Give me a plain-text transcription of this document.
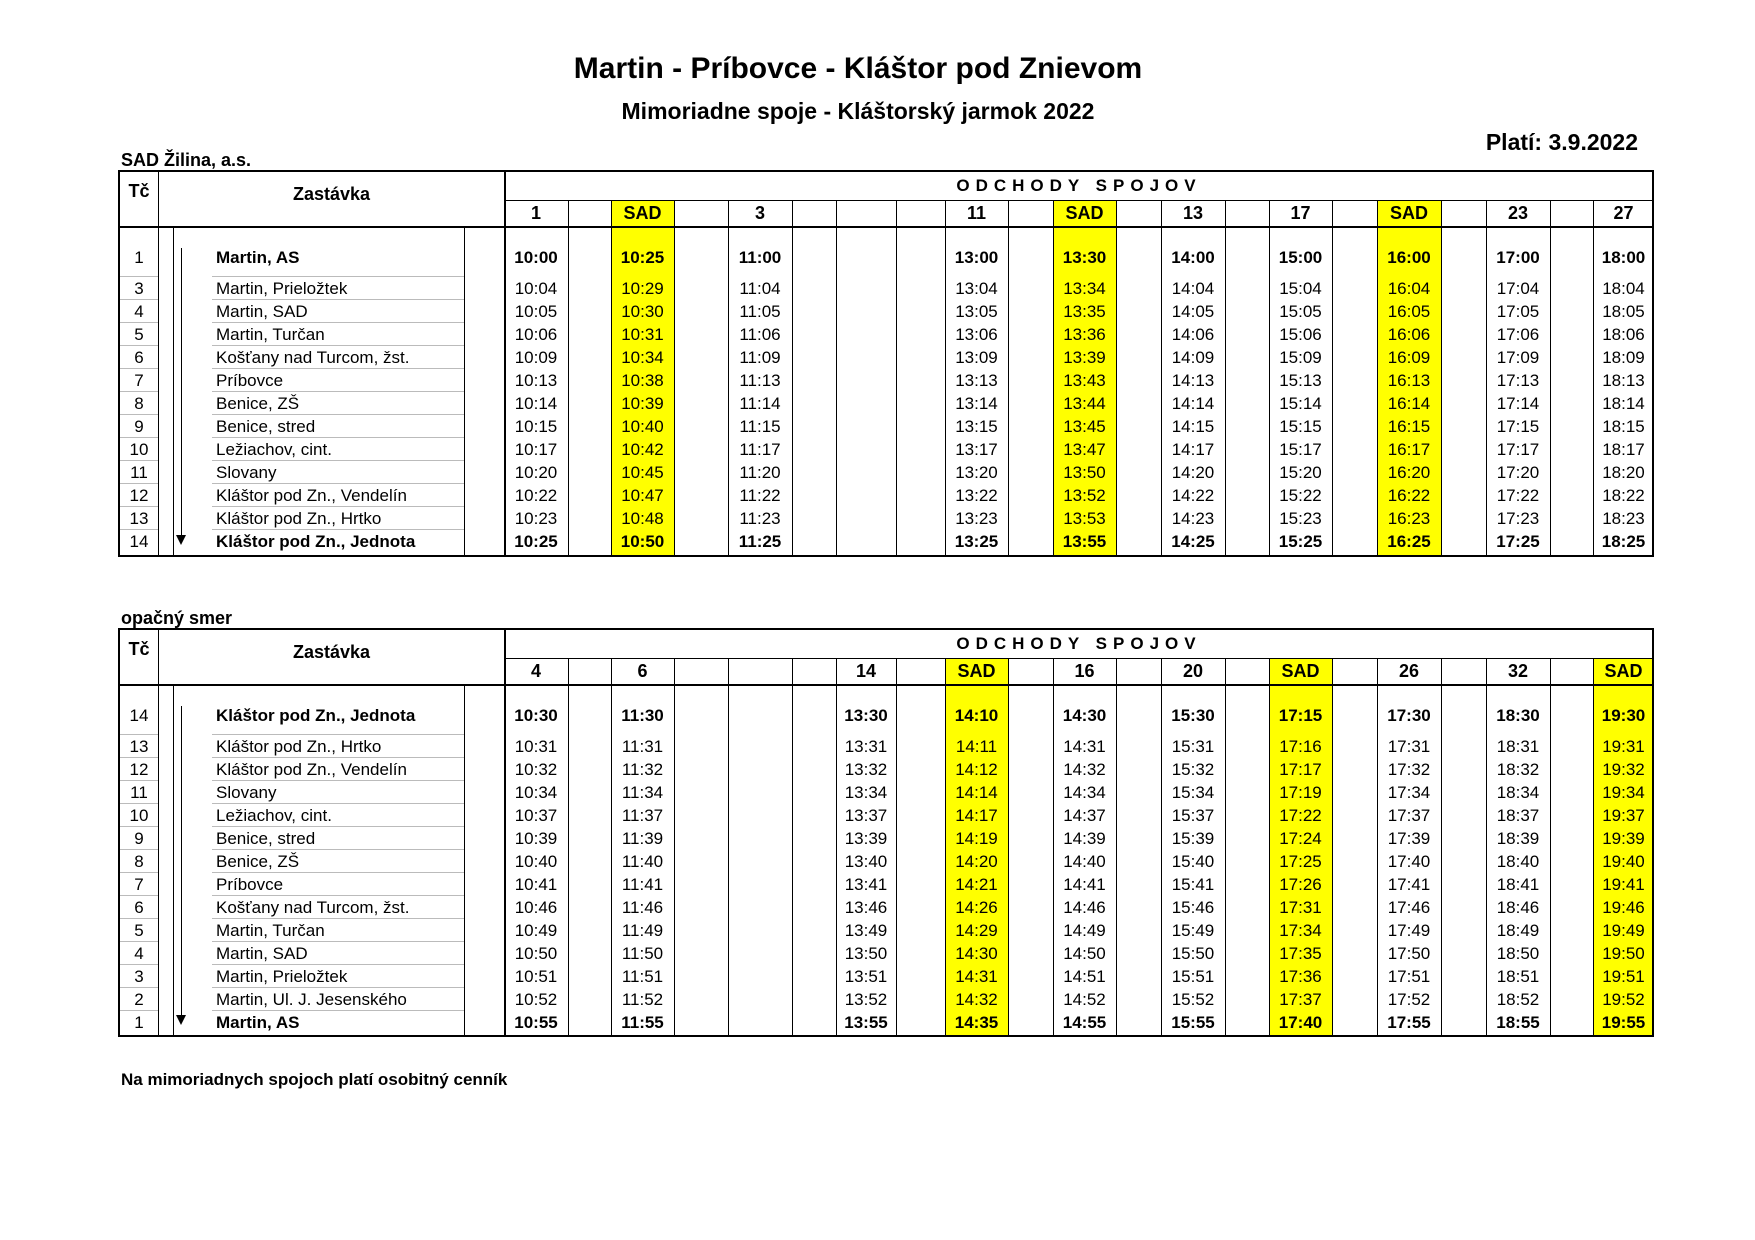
Martin - Príbovce - Kláštor pod Znievom
Mimoriadne spoje - Kláštorský jarmok 2022
Platí: 3.9.2022
SAD Žilina, a.s.
Tč	Zastávka	ODCHODY SPOJOV
1	SAD	3	11	SAD	13	17	SAD	23	27
1	Martin, AS	10:00	10:25	11:00	13:00	13:30	14:00	15:00	16:00	17:00	18:00
3	Martin, Prieložtek	10:04	10:29	11:04	13:04	13:34	14:04	15:04	16:04	17:04	18:04
4	Martin, SAD	10:05	10:30	11:05	13:05	13:35	14:05	15:05	16:05	17:05	18:05
5	Martin, Turčan	10:06	10:31	11:06	13:06	13:36	14:06	15:06	16:06	17:06	18:06
6	Košťany nad Turcom, žst.	10:09	10:34	11:09	13:09	13:39	14:09	15:09	16:09	17:09	18:09
7	Príbovce	10:13	10:38	11:13	13:13	13:43	14:13	15:13	16:13	17:13	18:13
8	Benice, ZŠ	10:14	10:39	11:14	13:14	13:44	14:14	15:14	16:14	17:14	18:14
9	Benice, stred	10:15	10:40	11:15	13:15	13:45	14:15	15:15	16:15	17:15	18:15
10	Ležiachov, cint.	10:17	10:42	11:17	13:17	13:47	14:17	15:17	16:17	17:17	18:17
11	Slovany	10:20	10:45	11:20	13:20	13:50	14:20	15:20	16:20	17:20	18:20
12	Kláštor pod Zn., Vendelín	10:22	10:47	11:22	13:22	13:52	14:22	15:22	16:22	17:22	18:22
13	Kláštor pod Zn., Hrtko	10:23	10:48	11:23	13:23	13:53	14:23	15:23	16:23	17:23	18:23
14	Kláštor pod Zn., Jednota	10:25	10:50	11:25	13:25	13:55	14:25	15:25	16:25	17:25	18:25
opačný smer
Tč	Zastávka	ODCHODY SPOJOV
4	6	14	SAD	16	20	SAD	26	32	SAD
14	Kláštor pod Zn., Jednota	10:30	11:30	13:30	14:10	14:30	15:30	17:15	17:30	18:30	19:30
13	Kláštor pod Zn., Hrtko	10:31	11:31	13:31	14:11	14:31	15:31	17:16	17:31	18:31	19:31
12	Kláštor pod Zn., Vendelín	10:32	11:32	13:32	14:12	14:32	15:32	17:17	17:32	18:32	19:32
11	Slovany	10:34	11:34	13:34	14:14	14:34	15:34	17:19	17:34	18:34	19:34
10	Ležiachov, cint.	10:37	11:37	13:37	14:17	14:37	15:37	17:22	17:37	18:37	19:37
9	Benice, stred	10:39	11:39	13:39	14:19	14:39	15:39	17:24	17:39	18:39	19:39
8	Benice, ZŠ	10:40	11:40	13:40	14:20	14:40	15:40	17:25	17:40	18:40	19:40
7	Príbovce	10:41	11:41	13:41	14:21	14:41	15:41	17:26	17:41	18:41	19:41
6	Košťany nad Turcom, žst.	10:46	11:46	13:46	14:26	14:46	15:46	17:31	17:46	18:46	19:46
5	Martin, Turčan	10:49	11:49	13:49	14:29	14:49	15:49	17:34	17:49	18:49	19:49
4	Martin, SAD	10:50	11:50	13:50	14:30	14:50	15:50	17:35	17:50	18:50	19:50
3	Martin, Prieložtek	10:51	11:51	13:51	14:31	14:51	15:51	17:36	17:51	18:51	19:51
2	Martin, Ul. J. Jesenského	10:52	11:52	13:52	14:32	14:52	15:52	17:37	17:52	18:52	19:52
1	Martin, AS	10:55	11:55	13:55	14:35	14:55	15:55	17:40	17:55	18:55	19:55
Na mimoriadnych spojoch platí osobitný cenník
